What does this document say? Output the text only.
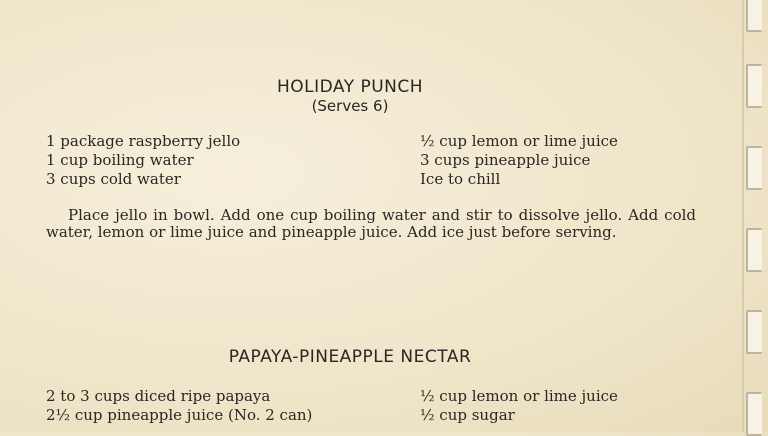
HOLIDAY PUNCH
(Serves 6)
1 package raspberry jello
1 cup boiling water
3 cups cold water
½ cup lemon or lime juice
3 cups pineapple juice
Ice to chill
Place jello in bowl. Add one cup boiling water and stir to dissolve jello. Add cold water, lemon or lime juice and pineapple juice. Add ice just before serving.
PAPAYA-PINEAPPLE NECTAR
2 to 3 cups diced ripe papaya
2½ cup pineapple juice (No. 2 can)
½ cup lemon or lime juice
½ cup sugar
